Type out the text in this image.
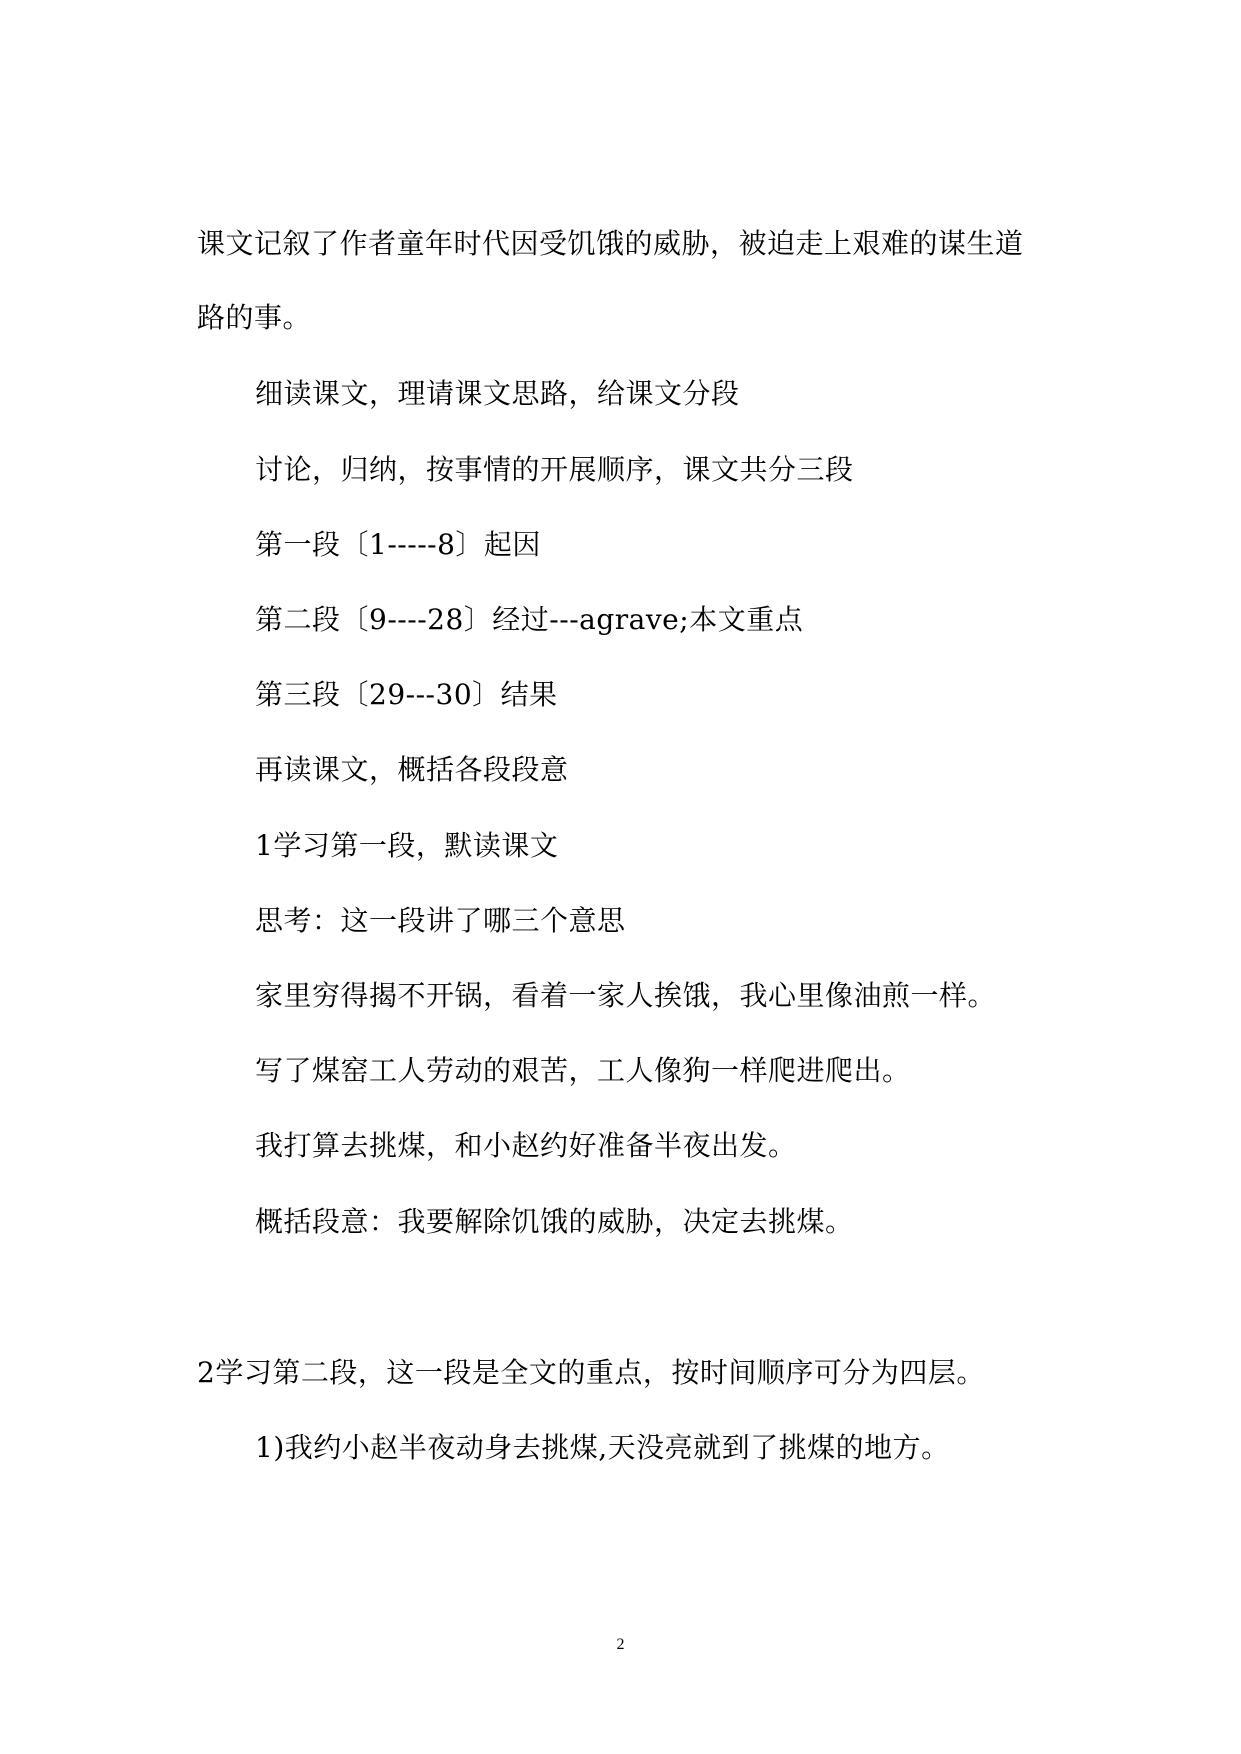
课文记叙了作者童年时代因受饥饿的威胁，被迫走上艰难的谋生道
路的事。
细读课文，理请课文思路，给课文分段
讨论，归纳，按事情的开展顺序，课文共分三段
第一段〔1-----8〕起因
第二段〔9----28〕经过---agrave;本文重点
第三段〔29---30〕结果
再读课文，概括各段段意
1学习第一段，默读课文
思考：这一段讲了哪三个意思
家里穷得揭不开锅，看着一家人挨饿，我心里像油煎一样。
写了煤窑工人劳动的艰苦，工人像狗一样爬进爬出。
我打算去挑煤，和小赵约好准备半夜出发。
概括段意：我要解除饥饿的威胁，决定去挑煤。
2学习第二段，这一段是全文的重点，按时间顺序可分为四层。
1)我约小赵半夜动身去挑煤,天没亮就到了挑煤的地方。
2
